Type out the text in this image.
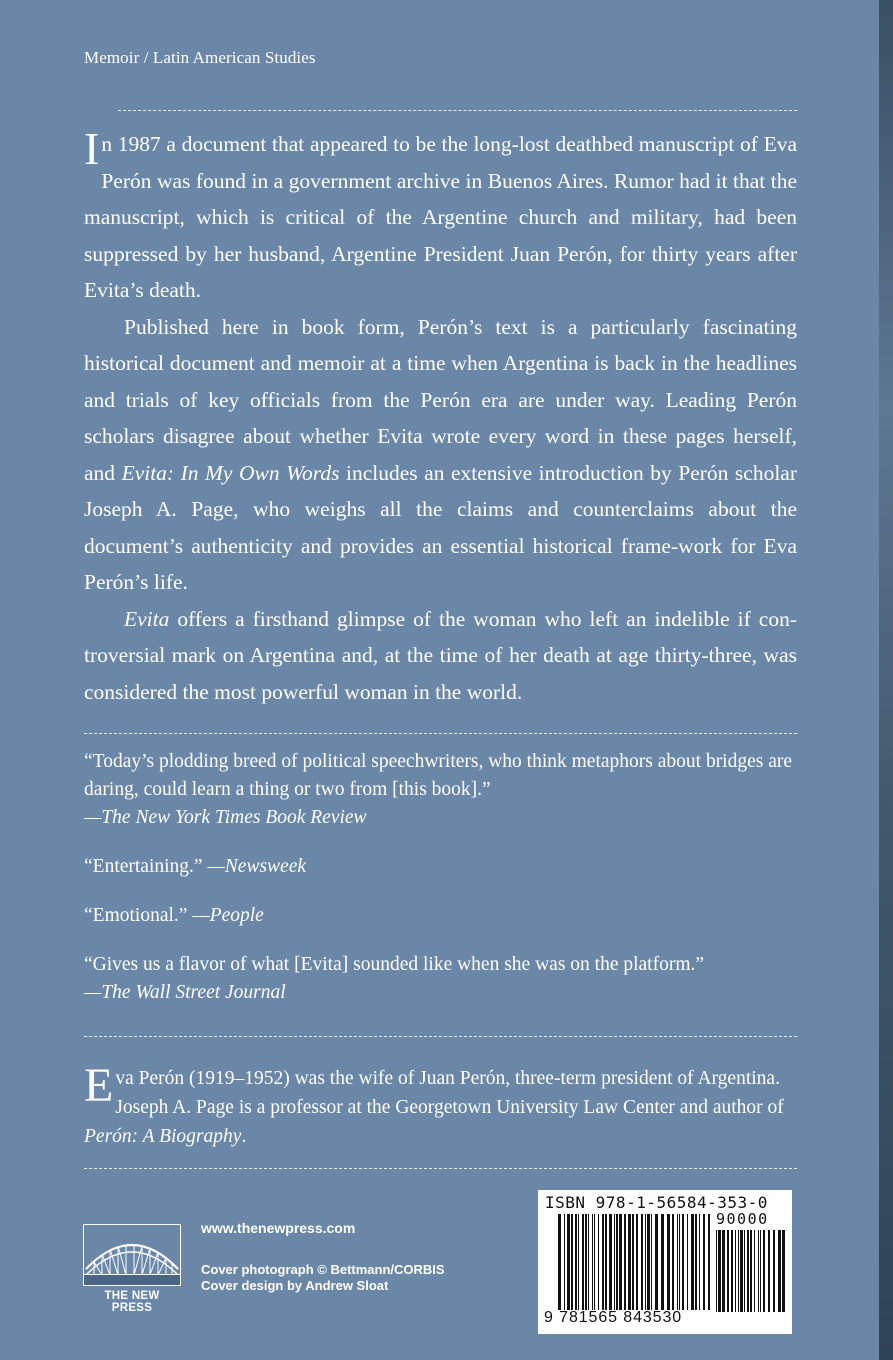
Memoir / Latin American Studies

In 1987 a document that appeared to be the long-lost deathbed manuscript of Eva Perón was found in a government archive in Buenos Aires. Rumor had it that the manuscript, which is critical of the Argentine church and military, had been suppressed by her husband, Argentine President Juan Perón, for thirty years after Evita’s death.

Published here in book form, Perón’s text is a particularly fascinating historical document and memoir at a time when Argentina is back in the headlines and trials of key officials from the Perón era are under way. Leading Perón scholars disagree about whether Evita wrote every word in these pages herself, and Evita: In My Own Words includes an extensive introduction by Perón scholar Joseph A. Page, who weighs all the claims and counterclaims about the document’s authenticity and provides an essential historical frame-work for Eva Perón’s life.

Evita offers a firsthand glimpse of the woman who left an indelible if con-troversial mark on Argentina and, at the time of her death at age thirty-three, was considered the most powerful woman in the world.

“Today’s plodding breed of political speechwriters, who think metaphors about bridges are daring, could learn a thing or two from [this book].”
—The New York Times Book Review
“Entertaining.” —Newsweek
“Emotional.” —People
“Gives us a flavor of what [Evita] sounded like when she was on the platform.”
—The Wall Street Journal
Eva Perón (1919–1952) was the wife of Juan Perón, three-term president of Argentina. Joseph A. Page is a professor at the Georgetown University Law Center and author of Perón: A Biography.
THE NEW PRESS
www.thenewpress.com
Cover photograph © Bettmann/CORBIS
Cover design by Andrew Sloat
ISBN 978-1-56584-353-0
90000
9 781565 843530
